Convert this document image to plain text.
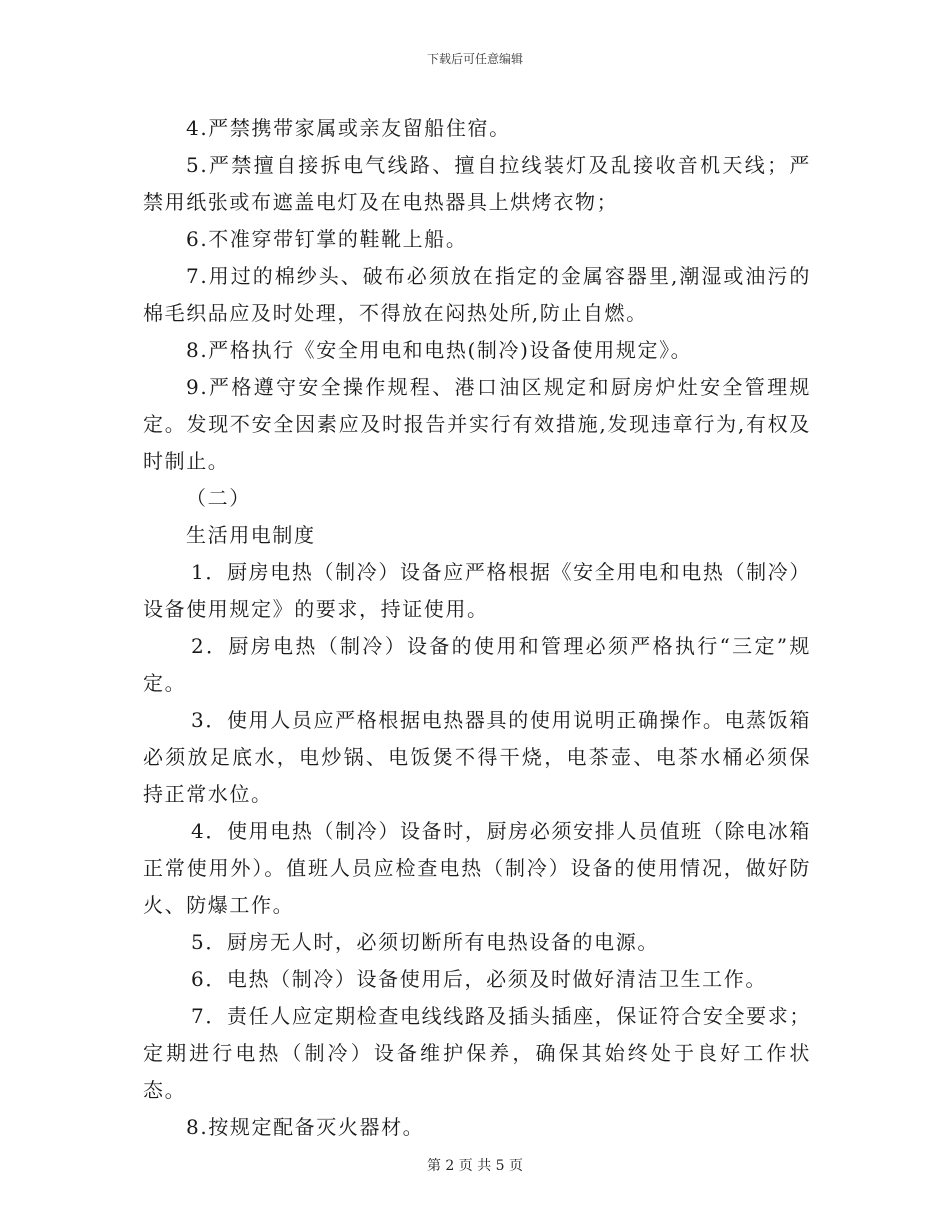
下载后可任意编辑

4.严禁携带家属或亲友留船住宿。

5.严禁擅自接拆电气线路、擅自拉线装灯及乱接收音机天线；严禁用纸张或布遮盖电灯及在电热器具上烘烤衣物；

6.不准穿带钉掌的鞋靴上船。

7.用过的棉纱头、破布必须放在指定的金属容器里,潮湿或油污的棉毛织品应及时处理，不得放在闷热处所,防止自燃。

8.严格执行《安全用电和电热(制冷)设备使用规定》。

9.严格遵守安全操作规程、港口油区规定和厨房炉灶安全管理规定。发现不安全因素应及时报告并实行有效措施,发现违章行为,有权及时制止。

（二）

生活用电制度

1．厨房电热（制冷）设备应严格根据《安全用电和电热（制冷）设备使用规定》的要求，持证使用。

2．厨房电热（制冷）设备的使用和管理必须严格执行“三定”规定。

3．使用人员应严格根据电热器具的使用说明正确操作。电蒸饭箱必须放足底水，电炒锅、电饭煲不得干烧，电茶壶、电茶水桶必须保持正常水位。

4．使用电热（制冷）设备时，厨房必须安排人员值班（除电冰箱正常使用外）。值班人员应检查电热（制冷）设备的使用情况，做好防火、防爆工作。

5．厨房无人时，必须切断所有电热设备的电源。

6．电热（制冷）设备使用后，必须及时做好清洁卫生工作。

7．责任人应定期检查电线线路及插头插座，保证符合安全要求；定期进行电热（制冷）设备维护保养，确保其始终处于良好工作状态。

8.按规定配备灭火器材。

第 2 页 共 5 页
